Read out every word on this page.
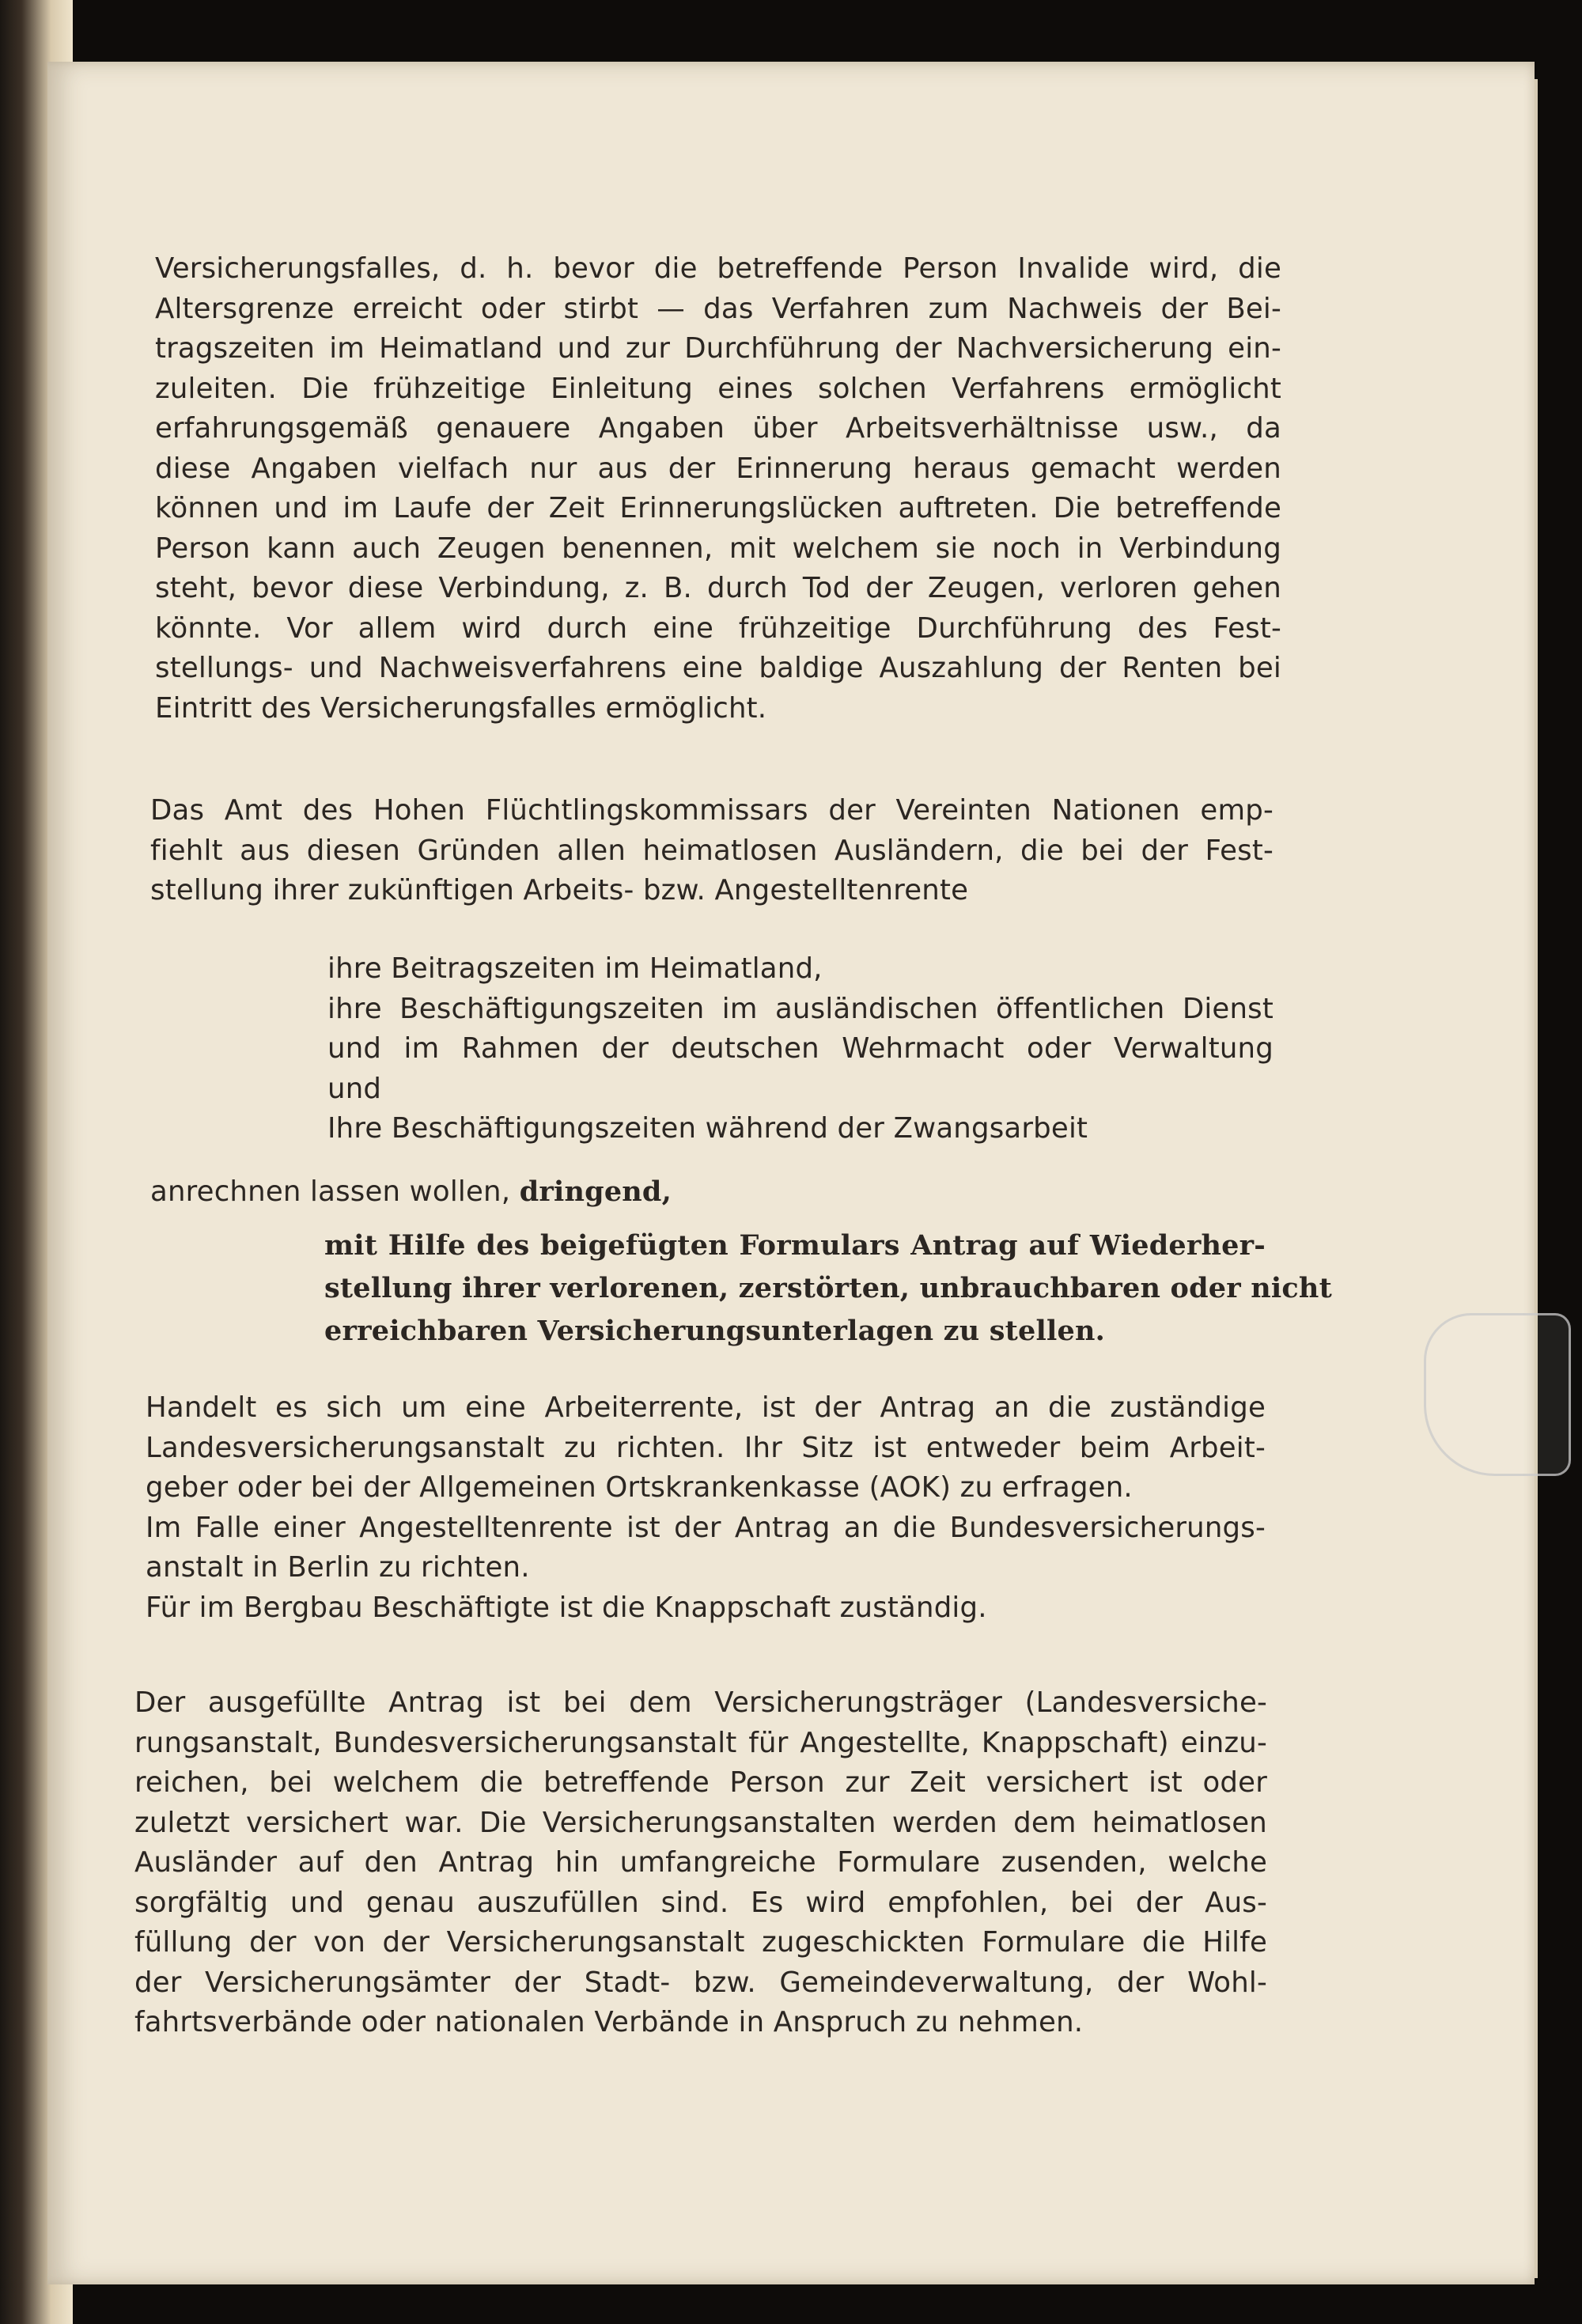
Versicherungsfalles, d. h. bevor die betreffende Person Invalide wird, die
Altersgrenze erreicht oder stirbt — das Verfahren zum Nachweis der Bei-
tragszeiten im Heimatland und zur Durchführung der Nachversicherung ein-
zuleiten. Die frühzeitige Einleitung eines solchen Verfahrens ermöglicht
erfahrungsgemäß genauere Angaben über Arbeitsverhältnisse usw., da
diese Angaben vielfach nur aus der Erinnerung heraus gemacht werden
können und im Laufe der Zeit Erinnerungslücken auftreten. Die betreffende
Person kann auch Zeugen benennen, mit welchem sie noch in Verbindung
steht, bevor diese Verbindung, z. B. durch Tod der Zeugen, verloren gehen
könnte. Vor allem wird durch eine frühzeitige Durchführung des Fest-
stellungs- und Nachweisverfahrens eine baldige Auszahlung der Renten bei
Eintritt des Versicherungsfalles ermöglicht.
Das Amt des Hohen Flüchtlingskommissars der Vereinten Nationen emp-
fiehlt aus diesen Gründen allen heimatlosen Ausländern, die bei der Fest-
stellung ihrer zukünftigen Arbeits- bzw. Angestelltenrente
ihre Beitragszeiten im Heimatland,
ihre Beschäftigungszeiten im ausländischen öffentlichen Dienst
und im Rahmen der deutschen Wehrmacht oder Verwaltung
und
Ihre Beschäftigungszeiten während der Zwangsarbeit
anrechnen lassen wollen, dringend,
mit Hilfe des beigefügten Formulars Antrag auf Wiederher-
stellung ihrer verlorenen, zerstörten, unbrauchbaren oder nicht
erreichbaren Versicherungsunterlagen zu stellen.
Handelt es sich um eine Arbeiterrente, ist der Antrag an die zuständige
Landesversicherungsanstalt zu richten. Ihr Sitz ist entweder beim Arbeit-
geber oder bei der Allgemeinen Ortskrankenkasse (AOK) zu erfragen.
Im Falle einer Angestelltenrente ist der Antrag an die Bundesversicherungs-
anstalt in Berlin zu richten.
Für im Bergbau Beschäftigte ist die Knappschaft zuständig.
Der ausgefüllte Antrag ist bei dem Versicherungsträger (Landesversiche-
rungsanstalt, Bundesversicherungsanstalt für Angestellte, Knappschaft) einzu-
reichen, bei welchem die betreffende Person zur Zeit versichert ist oder
zuletzt versichert war. Die Versicherungsanstalten werden dem heimatlosen
Ausländer auf den Antrag hin umfangreiche Formulare zusenden, welche
sorgfältig und genau auszufüllen sind. Es wird empfohlen, bei der Aus-
füllung der von der Versicherungsanstalt zugeschickten Formulare die Hilfe
der Versicherungsämter der Stadt- bzw. Gemeindeverwaltung, der Wohl-
fahrtsverbände oder nationalen Verbände in Anspruch zu nehmen.
